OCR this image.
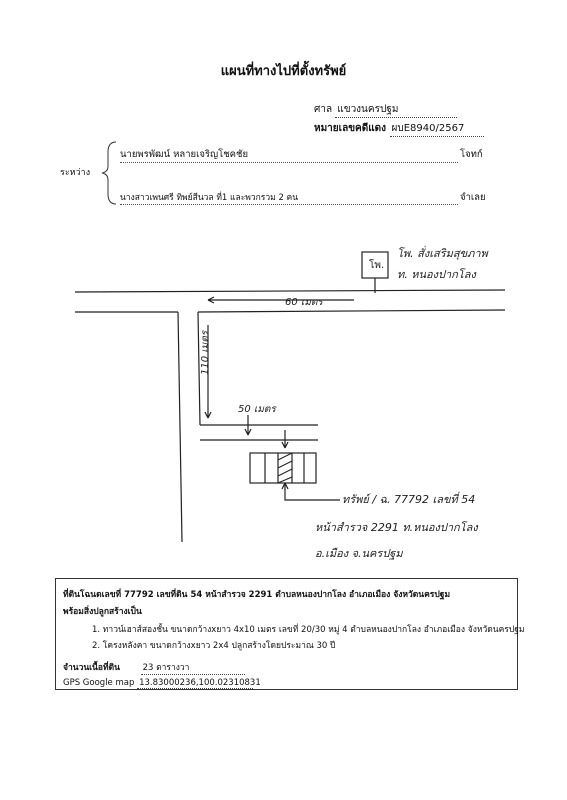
แผนที่ทางไปที่ตั้งทรัพย์
ศาล แขวงนครปฐม
หมายเลขคดีแดง ผบE8940/2567
ระหว่าง
นายพรพัฒน์ หลายเจริญโชคชัย	โจทก์
นางสาวเพนศรี ทิพย์สีนวล ที่1 และพวกรวม 2 คน	จำเลย
โพ.
โพ. สั่งเสริมสุขภาพ
ท. หนองปากโลง
60 เมตร
110 เมตร
50 เมตร
ทรัพย์ / ฉ. 77792 เลขที่ 54
หน้าสำรวจ 2291 ท.หนองปากโลง
อ.เมือง จ.นครปฐม
ที่ดินโฉนดเลขที่ 77792 เลขที่ดิน 54 หน้าสำรวจ 2291 ตำบลหนองปากโลง อำเภอเมือง จังหวัดนครปฐม
พร้อมสิ่งปลูกสร้างเป็น
1. ทาวน์เฮาส์สองชั้น ขนาดกว้างxยาว 4x10 เมตร เลขที่ 20/30 หมู่ 4 ตำบลหนองปากโลง อำเภอเมือง จังหวัดนครปฐม
2. โครงหลังคา ขนาดกว้างxยาว 2x4 ปลูกสร้างโดยประมาณ 30 ปี
จำนวนเนื้อที่ดิน	23 ตารางวา
GPS Google map 13.83000236,100.02310831
